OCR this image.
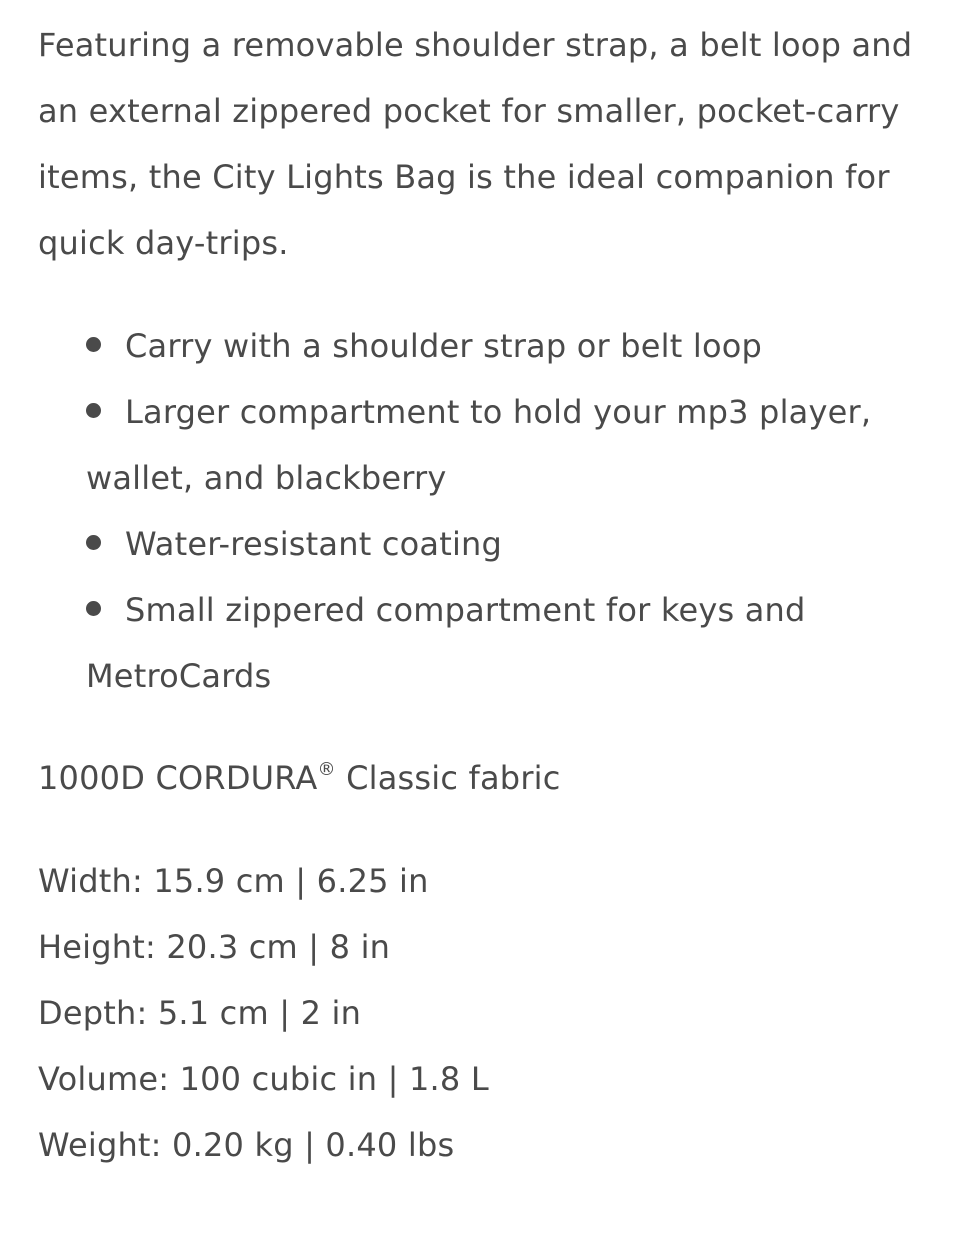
Featuring a removable shoulder strap, a belt loop and an external zippered pocket for smaller, pocket-carry items, the City Lights Bag is the ideal companion for quick day-trips.

Carry with a shoulder strap or belt loop
Larger compartment to hold your mp3 player, wallet, and blackberry
Water-resistant coating
Small zippered compartment for keys and MetroCards

1000D CORDURA® Classic fabric

Width: 15.9 cm | 6.25 in
Height: 20.3 cm | 8 in
Depth: 5.1 cm | 2 in
Volume: 100 cubic in | 1.8 L
Weight: 0.20 kg | 0.40 lbs
